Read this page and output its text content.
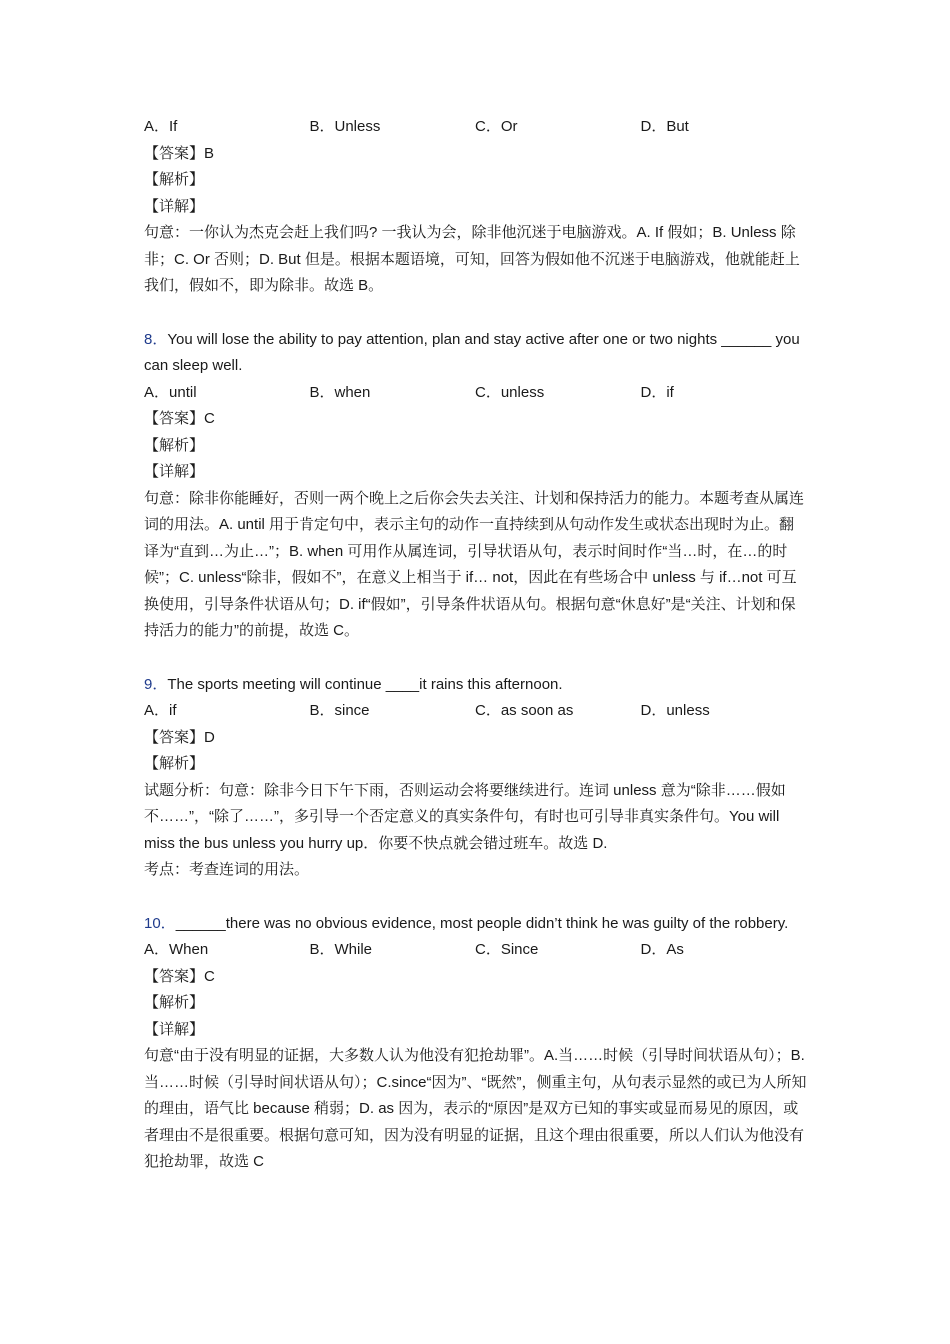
A．If	B．Unless	C．Or	D．But
【答案】B
【解析】
【详解】
句意：一你认为杰克会赶上我们吗? 一我认为会，除非他沉迷于电脑游戏。A. If 假如；B. Unless 除非；C. Or 否则；D. But 但是。根据本题语境，可知，回答为假如他不沉迷于电脑游戏，他就能赶上我们，假如不，即为除非。故选 B。
8．You will lose the ability to pay attention, plan and stay active after one or two nights ______ you can sleep well.
A．until	B．when	C．unless	D．if
【答案】C
【解析】
【详解】
句意：除非你能睡好，否则一两个晚上之后你会失去关注、计划和保持活力的能力。本题考查从属连词的用法。A. until 用于肯定句中，表示主句的动作一直持续到从句动作发生或状态出现时为止。翻译为“直到…为止…”；B. when 可用作从属连词，引导状语从句，表示时间时作“当…时，在…的时候”；C. unless“除非，假如不”，在意义上相当于 if… not，因此在有些场合中 unless 与 if…not 可互换使用，引导条件状语从句；D. if“假如”，引导条件状语从句。根据句意“休息好”是“关注、计划和保持活力的能力”的前提，故选 C。
9．The sports meeting will continue ____it rains this afternoon.
A．if	B．since	C．as soon as	D．unless
【答案】D
【解析】
试题分析：句意：除非今日下午下雨，否则运动会将要继续进行。连词 unless 意为“除非……假如不……”，“除了……”，多引导一个否定意义的真实条件句，有时也可引导非真实条件句。You will miss the bus unless you hurry up．你要不快点就会错过班车。故选 D.
考点：考查连词的用法。
10．______there was no obvious evidence, most people didn’t think he was guilty of the robbery.
A．When	B．While	C．Since	D．As
【答案】C
【解析】
【详解】
句意“由于没有明显的证据，大多数人认为他没有犯抢劫罪”。A.当……时候（引导时间状语从句）；B.当……时候（引导时间状语从句）；C.since“因为”、“既然”，侧重主句，从句表示显然的或已为人所知的理由，语气比 because 稍弱；D. as 因为，表示的“原因”是双方已知的事实或显而易见的原因，或者理由不是很重要。根据句意可知，因为没有明显的证据，且这个理由很重要，所以人们认为他没有犯抢劫罪，故选 C
